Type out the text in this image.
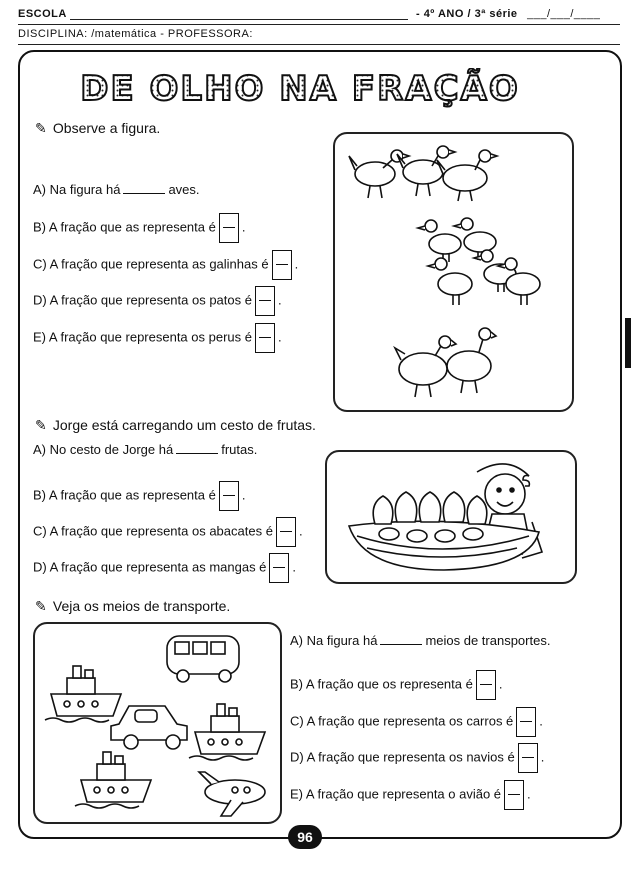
ESCOLA	- 4º ANO / 3ª série ___/___/____
DISCIPLINA: /matemática - PROFESSORA:
DE OLHO NA FRAÇÃO
✎ Observe a figura.
A) Na figura há	aves.
B) A fração que as representa é .
C) A fração que representa as galinhas é .
D) A fração que representa os patos é .
E) A fração que representa os perus é .
✎ Jorge está carregando um cesto de frutas.
A) No cesto de Jorge há	frutas.
B) A fração que as representa é .
C) A fração que representa os abacates é .
D) A fração que representa as mangas é .
✎ Veja os meios de transporte.
A) Na figura há	meios de transportes.
B) A fração que os representa é .
C) A fração que representa os carros é .
D) A fração que representa os navios é .
E) A fração que representa o avião é .
96
